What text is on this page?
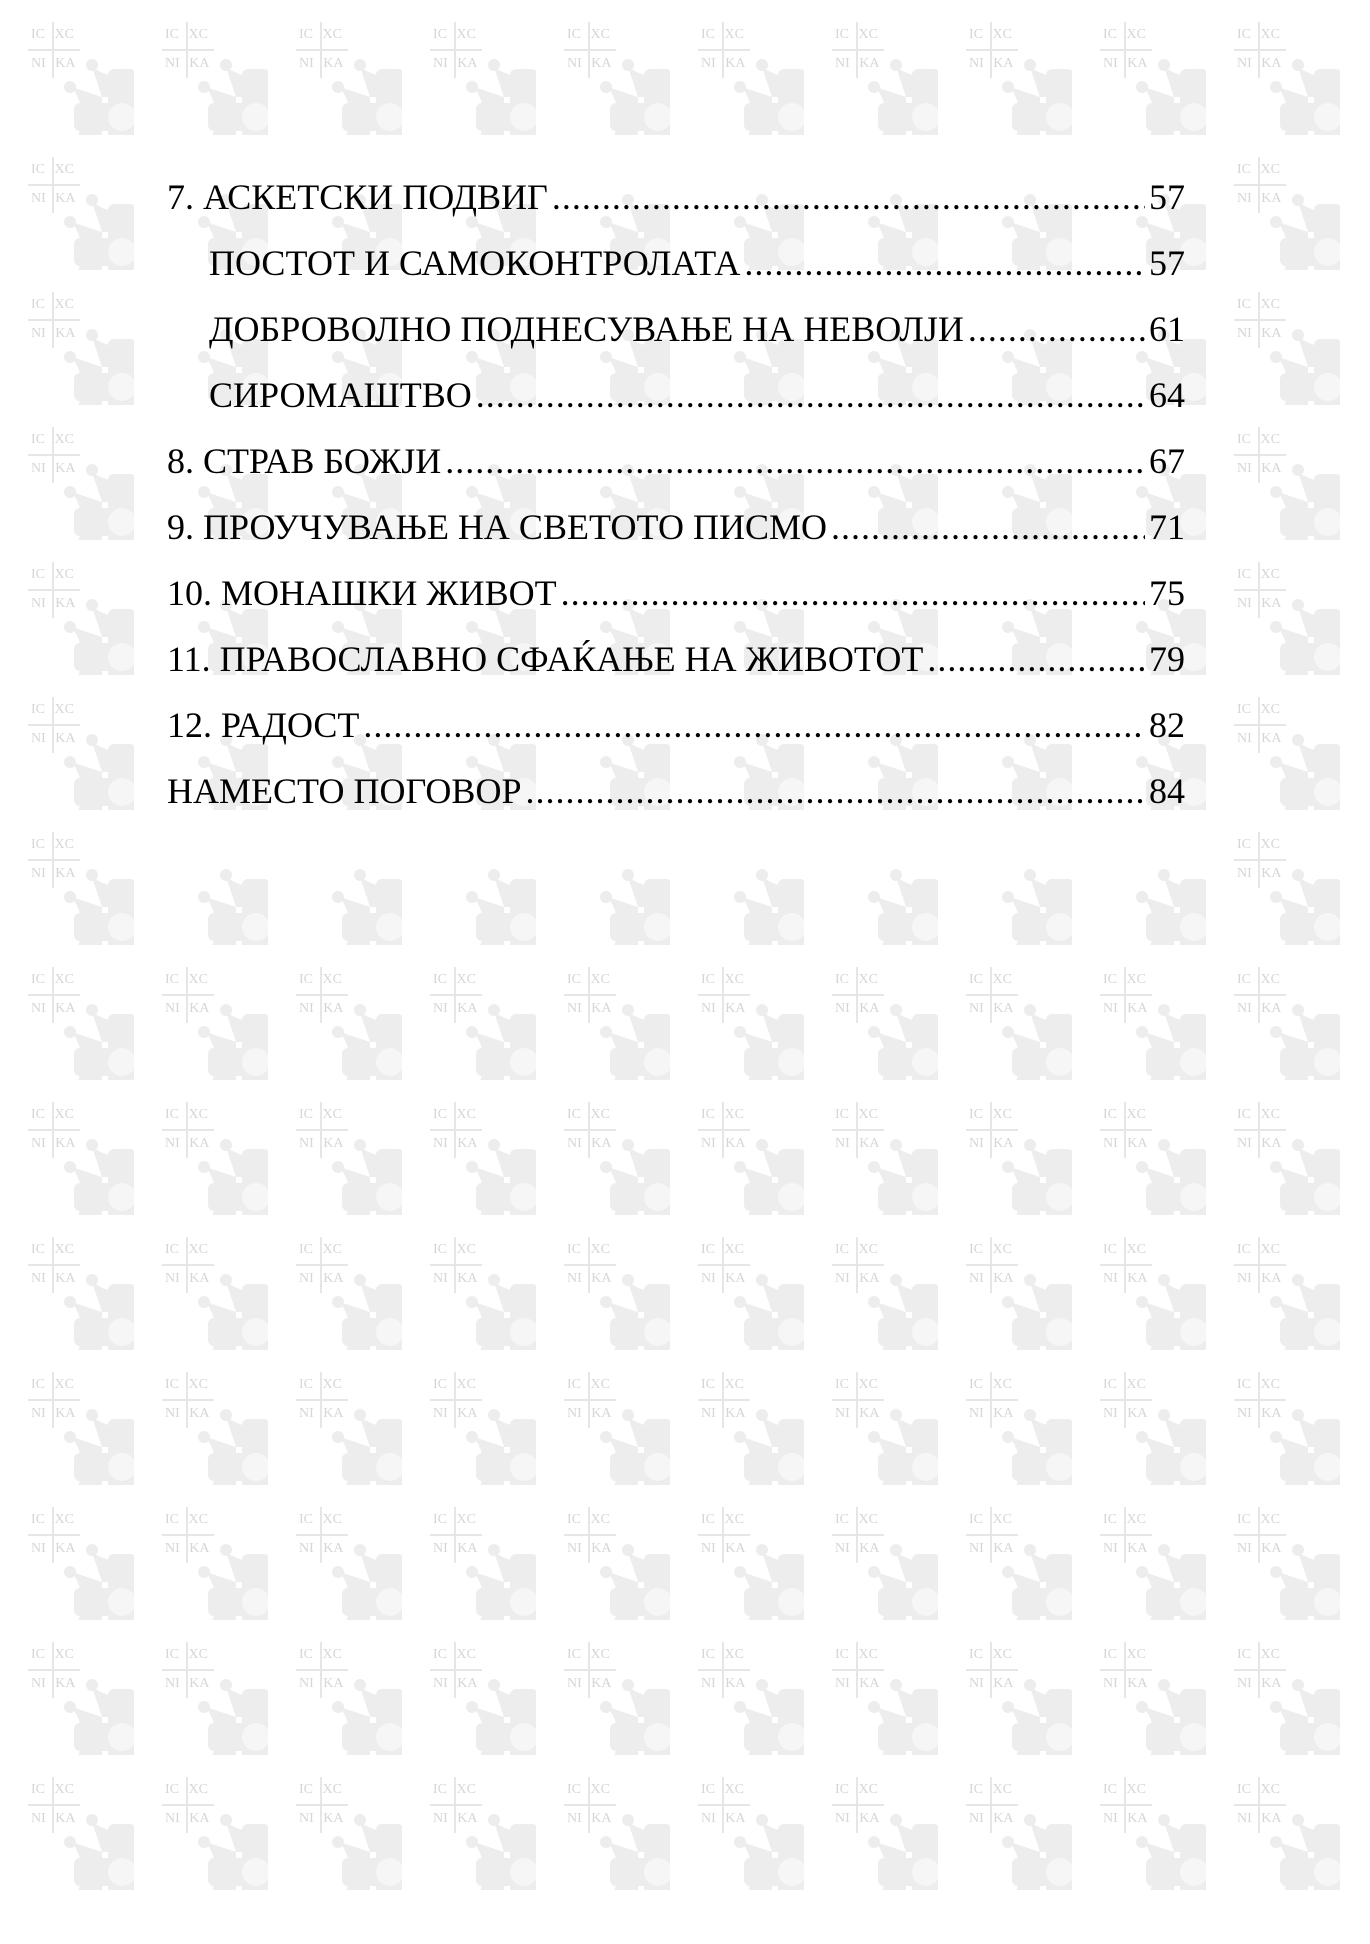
IC XC
NI KA
IC XC
NI KA
IC XC
NI KA
IC XC
NI KA
IC XC
NI KA
IC XC
NI KA
IC XC
NI KA
IC XC
NI KA
IC XC
NI KA
IC XC
NI KA
IC XC
NI KA
IC XC
NI KA
IC XC
NI KA
IC XC
NI KA
IC XC
NI KA
IC XC
NI KA
IC XC
NI KA
IC XC
NI KA
IC XC
NI KA
IC XC
NI KA
IC XC
NI KA
IC XC
NI KA
IC XC
NI KA
IC XC
NI KA
IC XC
NI KA
IC XC
NI KA
IC XC
NI KA
IC XC
NI KA
IC XC
NI KA
IC XC
NI KA
IC XC
NI KA
IC XC
NI KA
IC XC
NI KA
IC XC
NI KA
IC XC
NI KA
IC XC
NI KA
IC XC
NI KA
IC XC
NI KA
IC XC
NI KA
IC XC
NI KA
IC XC
NI KA
IC XC
NI KA
IC XC
NI KA
IC XC
NI KA
IC XC
NI KA
IC XC
NI KA
IC XC
NI KA
IC XC
NI KA
IC XC
NI KA
IC XC
NI KA
IC XC
NI KA
IC XC
NI KA
IC XC
NI KA
IC XC
NI KA
IC XC
NI KA
IC XC
NI KA
IC XC
NI KA
IC XC
NI KA
IC XC
NI KA
IC XC
NI KA
IC XC
NI KA
IC XC
NI KA
IC XC
NI KA
IC XC
NI KA
IC XC
NI KA
IC XC
NI KA
IC XC
NI KA
IC XC
NI KA
IC XC
NI KA
IC XC
NI KA
IC XC
NI KA
IC XC
NI KA
IC XC
NI KA
IC XC
NI KA
IC XC
NI KA
IC XC
NI KA
IC XC
NI KA
IC XC
NI KA
IC XC
NI KA
IC XC
NI KA
IC XC
NI KA
IC XC
NI KA
IC XC
NI KA
IC XC
NI KA
IC XC
NI KA
IC XC
NI KA
IC XC
NI KA
IC XC
NI KA
IC XC
NI KA
IC XC
NI KA
IC XC
NI KA
IC XC
NI KA
7. АСКЕТСКИ ПОДВИГ .....	57
ПОСТОТ И САМОКОНТРОЛАТА .....	57
ДОБРОВОЛНО ПОДНЕСУВАЊЕ НА НЕВОЛЈИ .....	61
СИРОМАШТВО .....	64
8. СТРАВ БОЖЈИ .....	67
9. ПРОУЧУВАЊЕ НА СВЕТОТО ПИСМО .....	71
10. МОНАШКИ ЖИВОТ .....	75
11. ПРАВОСЛАВНО СФАЌАЊЕ НА ЖИВОТОТ .....	79
12. РАДОСТ .....	82
НАМЕСТО ПОГОВОР .....	84
